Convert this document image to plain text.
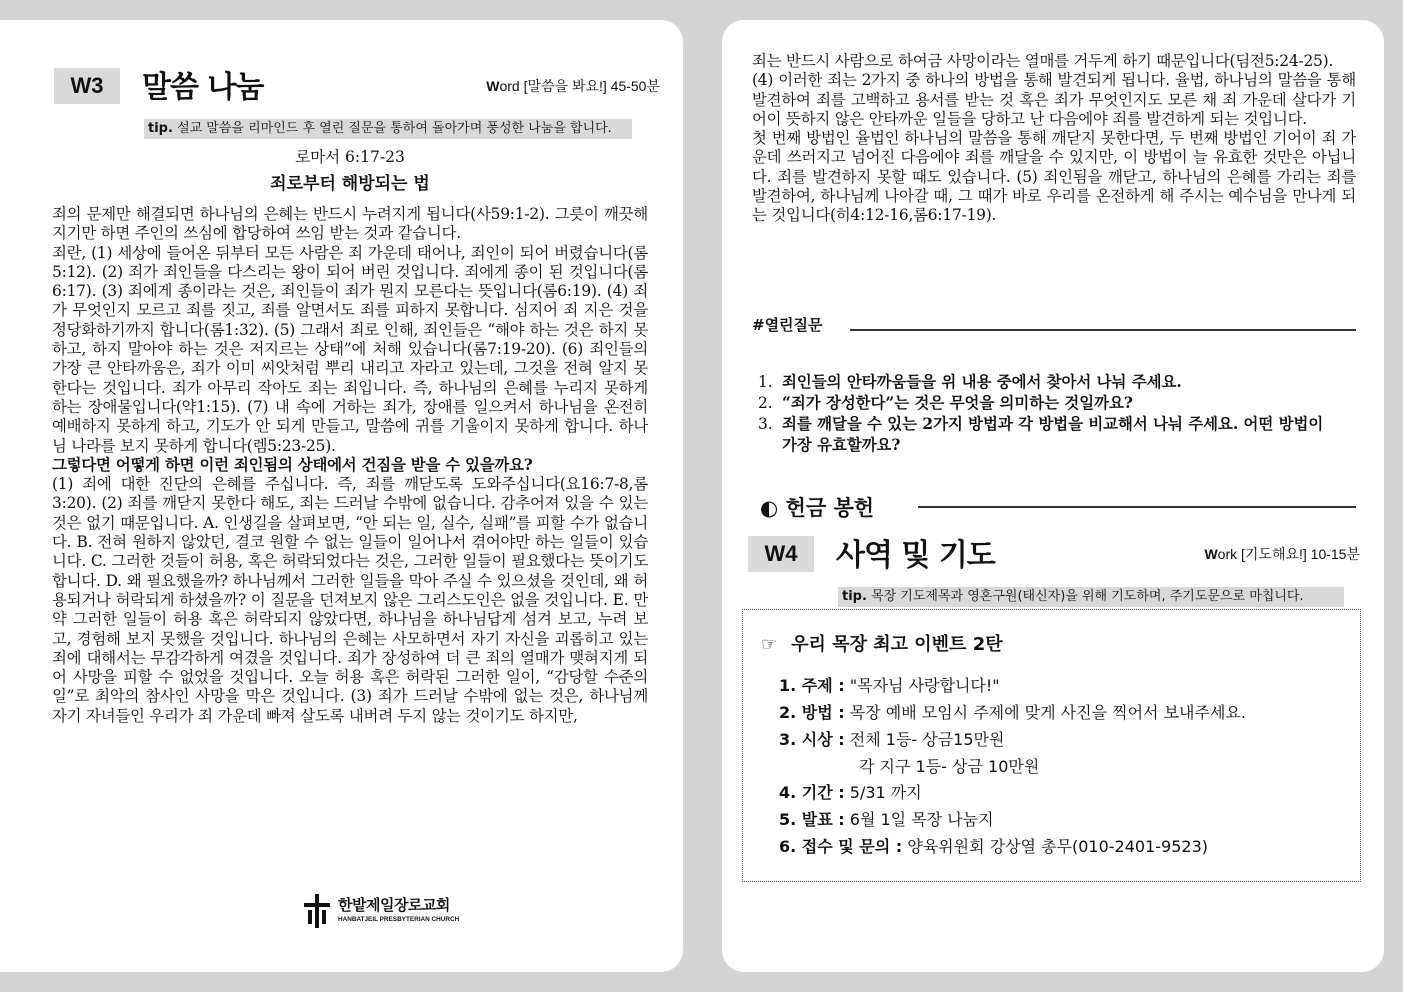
W3	말씀 나눔	Word [말씀을 봐요!] 45-50분
tip. 설교 말씀을 리마인드 후 열린 질문을 통하여 돌아가며 풍성한 나눔을 합니다.
로마서 6:17-23
죄로부터 해방되는 법

죄의 문제만 해결되면 하나님의 은혜는 반드시 누려지게 됩니다(사59:1-2). 그릇이 깨끗해지기만 하면 주인의 쓰심에 합당하여 쓰임 받는 것과 같습니다.

죄란, (1) 세상에 들어온 뒤부터 모든 사람은 죄 가운데 태어나, 죄인이 되어 버렸습니다(롬5:12). (2) 죄가 죄인들을 다스리는 왕이 되어 버린 것입니다. 죄에게 종이 된 것입니다(롬6:17). (3) 죄에게 종이라는 것은, 죄인들이 죄가 뭔지 모른다는 뜻입니다(롬6:19). (4) 죄가 무엇인지 모르고 죄를 짓고, 죄를 알면서도 죄를 피하지 못합니다. 심지어 죄 지은 것을 정당화하기까지 합니다(롬1:32). (5) 그래서 죄로 인해, 죄인들은 “해야 하는 것은 하지 못하고, 하지 말아야 하는 것은 저지르는 상태”에 처해 있습니다(롬7:19-20). (6) 죄인들의 가장 큰 안타까움은, 죄가 이미 씨앗처럼 뿌리 내리고 자라고 있는데, 그것을 전혀 알지 못한다는 것입니다. 죄가 아무리 작아도 죄는 죄입니다. 즉, 하나님의 은혜를 누리지 못하게 하는 장애물입니다(약1:15). (7) 내 속에 거하는 죄가, 장애를 일으켜서 하나님을 온전히 예배하지 못하게 하고, 기도가 안 되게 만들고, 말씀에 귀를 기울이지 못하게 합니다. 하나님 나라를 보지 못하게 합니다(렘5:23-25).

그렇다면 어떻게 하면 이런 죄인됨의 상태에서 건짐을 받을 수 있을까요?

(1) 죄에 대한 진단의 은혜를 주십니다. 즉, 죄를 깨닫도록 도와주십니다(요16:7-8,롬3:20). (2) 죄를 깨닫지 못한다 해도, 죄는 드러날 수밖에 없습니다. 감추어져 있을 수 있는 것은 없기 때문입니다. A. 인생길을 살펴보면, “안 되는 일, 실수, 실패”를 피할 수가 없습니다. B. 전혀 원하지 않았던, 결코 원할 수 없는 일들이 일어나서 겪어야만 하는 일들이 있습니다. C. 그러한 것들이 허용, 혹은 허락되었다는 것은, 그러한 일들이 필요했다는 뜻이기도 합니다. D. 왜 필요했을까? 하나님께서 그러한 일들을 막아 주실 수 있으셨을 것인데, 왜 허용되거나 허락되게 하셨을까? 이 질문을 던져보지 않은 그리스도인은 없을 것입니다. E. 만약 그러한 일들이 허용 혹은 허락되지 않았다면, 하나님을 하나님답게 섬겨 보고, 누려 보고, 경험해 보지 못했을 것입니다. 하나님의 은혜는 사모하면서 자기 자신을 괴롭히고 있는 죄에 대해서는 무감각하게 여겼을 것입니다. 죄가 장성하여 더 큰 죄의 열매가 맺혀지게 되어 사망을 피할 수 없었을 것입니다. 오늘 허용 혹은 허락된 그러한 일이, “감당할 수준의 일”로 최악의 참사인 사망을 막은 것입니다. (3) 죄가 드러날 수밖에 없는 것은, 하나님께 자기 자녀들인 우리가 죄 가운데 빠져 살도록 내버려 두지 않는 것이기도 하지만,

한밭제일장로교회
HANBATJEIL PRESBYTERIAN CHURCH

죄는 반드시 사람으로 하여금 사망이라는 열매를 거두게 하기 때문입니다(딤전5:24-25).

(4) 이러한 죄는 2가지 중 하나의 방법을 통해 발견되게 됩니다. 율법, 하나님의 말씀을 통해 발견하여 죄를 고백하고 용서를 받는 것 혹은 죄가 무엇인지도 모른 채 죄 가운데 살다가 기어이 뜻하지 않은 안타까운 일들을 당하고 난 다음에야 죄를 발견하게 되는 것입니다.

첫 번째 방법인 율법인 하나님의 말씀을 통해 깨닫지 못한다면, 두 번째 방법인 기어이 죄 가운데 쓰러지고 넘어진 다음에야 죄를 깨달을 수 있지만, 이 방법이 늘 유효한 것만은 아닙니다. 죄를 발견하지 못할 때도 있습니다. (5) 죄인됨을 깨닫고, 하나님의 은혜를 가리는 죄를 발견하여, 하나님께 나아갈 때, 그 때가 바로 우리를 온전하게 해 주시는 예수님을 만나게 되는 것입니다(히4:12-16,롬6:17-19).

#열린질문
1. 죄인들의 안타까움들을 위 내용 중에서 찾아서 나눠 주세요.
2. “죄가 장성한다”는 것은 무엇을 의미하는 것일까요?
3. 죄를 깨달을 수 있는 2가지 방법과 각 방법을 비교해서 나눠 주세요. 어떤 방법이 가장 유효할까요?
◐ 헌금 봉헌
W4	사역 및 기도	Work [기도해요!] 10-15분
tip. 목장 기도제목과 영혼구원(태신자)을 위해 기도하며, 주기도문으로 마칩니다.
☞ 우리 목장 최고 이벤트 2탄
1. 주제 : "목자님 사랑합니다!"
2. 방법 : 목장 예배 모임시 주제에 맞게 사진을 찍어서 보내주세요.
3. 시상 : 전체 1등- 상금15만원
각 지구 1등- 상금 10만원
4. 기간 : 5/31 까지
5. 발표 : 6월 1일 목장 나눔지
6. 접수 및 문의 : 양육위원회 강상열 총무(010-2401-9523)
